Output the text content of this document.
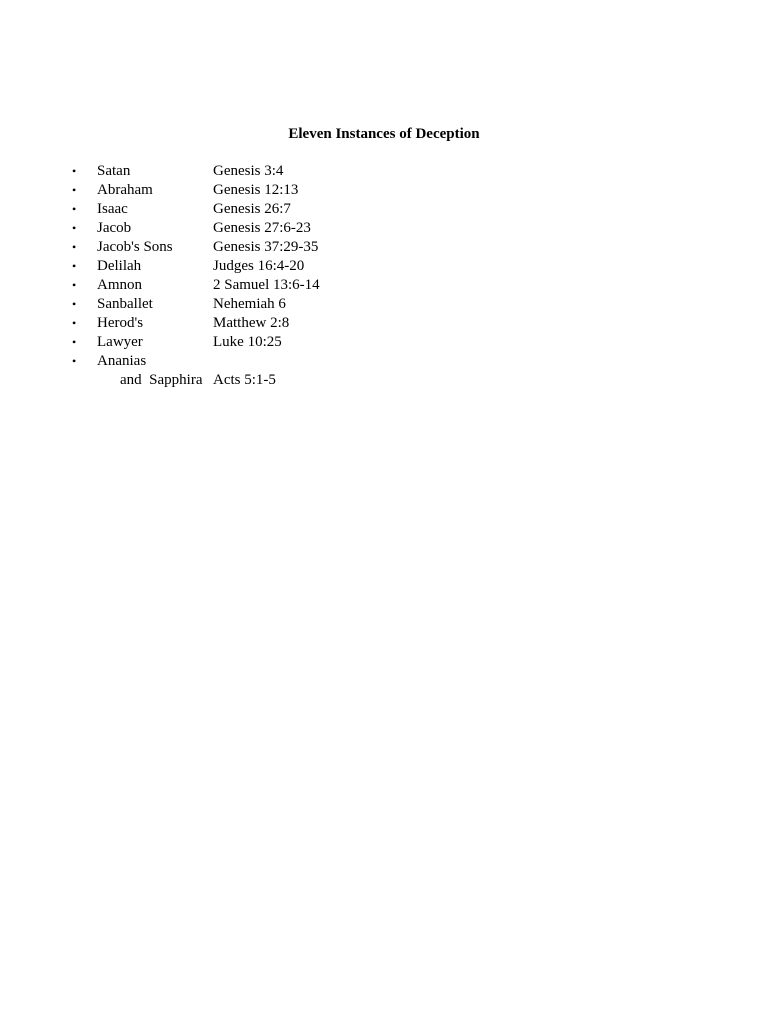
Eleven Instances of Deception
• Satan	Genesis 3:4
• Abraham	Genesis 12:13
• Isaac	Genesis 26:7
• Jacob	Genesis 27:6-23
• Jacob's Sons	Genesis 37:29-35
• Delilah	Judges 16:4-20
• Amnon	2 Samuel 13:6-14
• Sanballet	Nehemiah 6
• Herod's	Matthew 2:8
• Lawyer	Luke 10:25
• Ananias
and  Sapphira Acts 5:1-5
